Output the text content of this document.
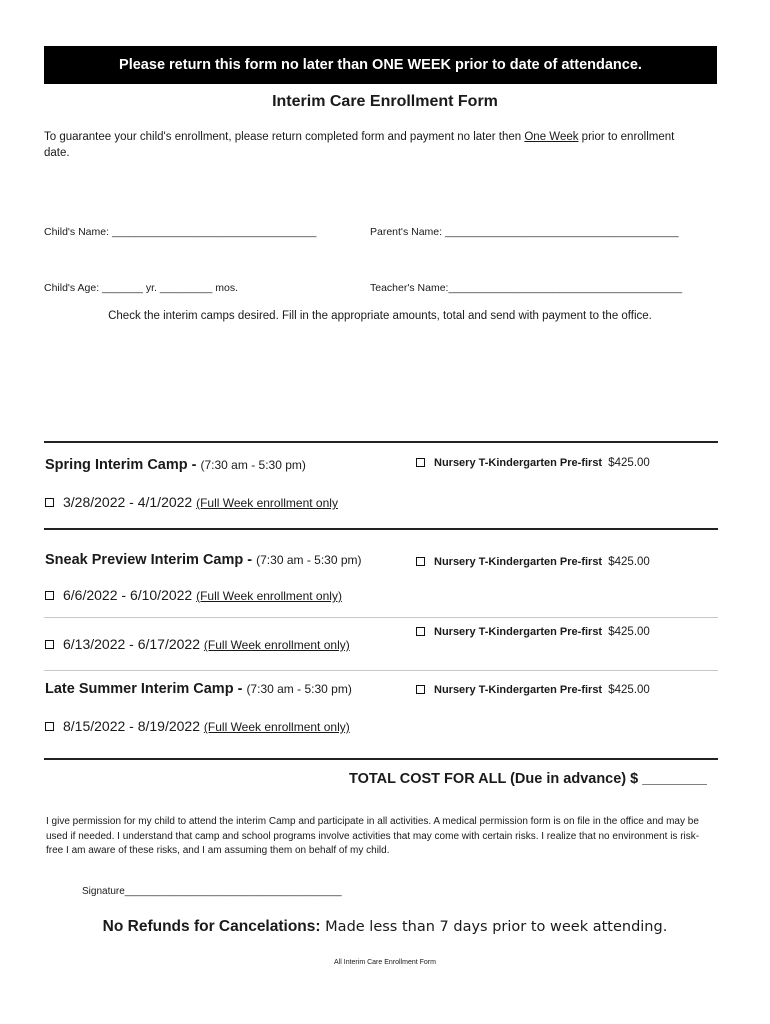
Please return this form no later than ONE WEEK prior to date of attendance.
Interim Care Enrollment Form
To guarantee your child's enrollment, please return completed form and payment no later then One Week prior to enrollment date.
Child's Name: ___________________________________	Parent's Name: ________________________________________
Child's Age: _______ yr. _________ mos.	Teacher's Name:________________________________________
Check the interim camps desired. Fill in the appropriate amounts, total and send with payment to the office.
Spring Interim Camp - (7:30 am - 5:30 pm)	Nursery T-Kindergarten Pre-first $425.00
3/28/2022 - 4/1/2022 (Full Week enrollment only
Sneak Preview Interim Camp - (7:30 am - 5:30 pm)	Nursery T-Kindergarten Pre-first $425.00
6/6/2022 - 6/10/2022 (Full Week enrollment only)
Nursery T-Kindergarten Pre-first $425.00
6/13/2022 - 6/17/2022 (Full Week enrollment only)
Late Summer Interim Camp - (7:30 am - 5:30 pm)	Nursery T-Kindergarten Pre-first $425.00
8/15/2022 - 8/19/2022 (Full Week enrollment only)
TOTAL COST FOR ALL (Due in advance) $ ________
I give permission for my child to attend the interim Camp and participate in all activities. A medical permission form is on file in the office and may be used if needed. I understand that camp and school programs involve activities that may come with certain risks. I realize that no environment is risk-free I am aware of these risks, and I am assuming them on behalf of my child.
Signature_______________________________________
No Refunds for Cancelations: Made less than 7 days prior to week attending.
All Interim Care Enrollment Form
